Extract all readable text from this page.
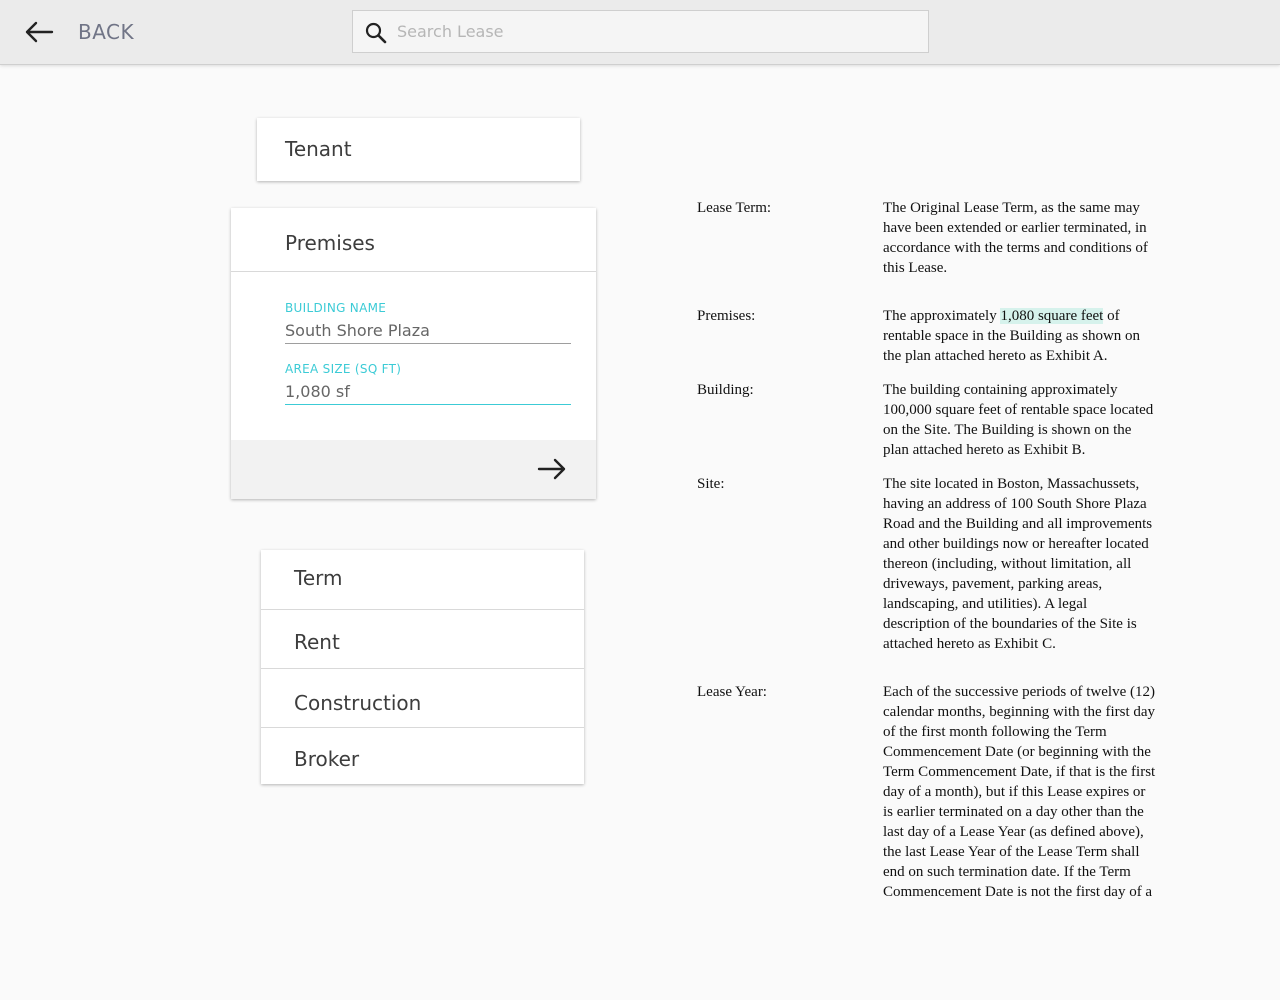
BACK
Search Lease
Tenant
Premises
BUILDING NAME
South Shore Plaza
AREA SIZE (SQ FT)
1,080 sf
Term
Rent
Construction
Broker
Lease Term:	The Original Lease Term, as the same may
have been extended or earlier terminated, in
accordance with the terms and conditions of
this Lease.
Premises:	The approximately 1,080 square feet of
rentable space in the Building as shown on
the plan attached hereto as Exhibit A.
Building:	The building containing approximately
100,000 square feet of rentable space located
on the Site. The Building is shown on the
plan attached hereto as Exhibit B.
Site:	The site located in Boston, Massachussets,
having an address of 100 South Shore Plaza
Road and the Building and all improvements
and other buildings now or hereafter located
thereon (including, without limitation, all
driveways, pavement, parking areas,
landscaping, and utilities). A legal
description of the boundaries of the Site is
attached hereto as Exhibit C.
Lease Year:	Each of the successive periods of twelve (12)
calendar months, beginning with the first day
of the first month following the Term
Commencement Date (or beginning with the
Term Commencement Date, if that is the first
day of a month), but if this Lease expires or
is earlier terminated on a day other than the
last day of a Lease Year (as defined above),
the last Lease Year of the Lease Term shall
end on such termination date. If the Term
Commencement Date is not the first day of a
